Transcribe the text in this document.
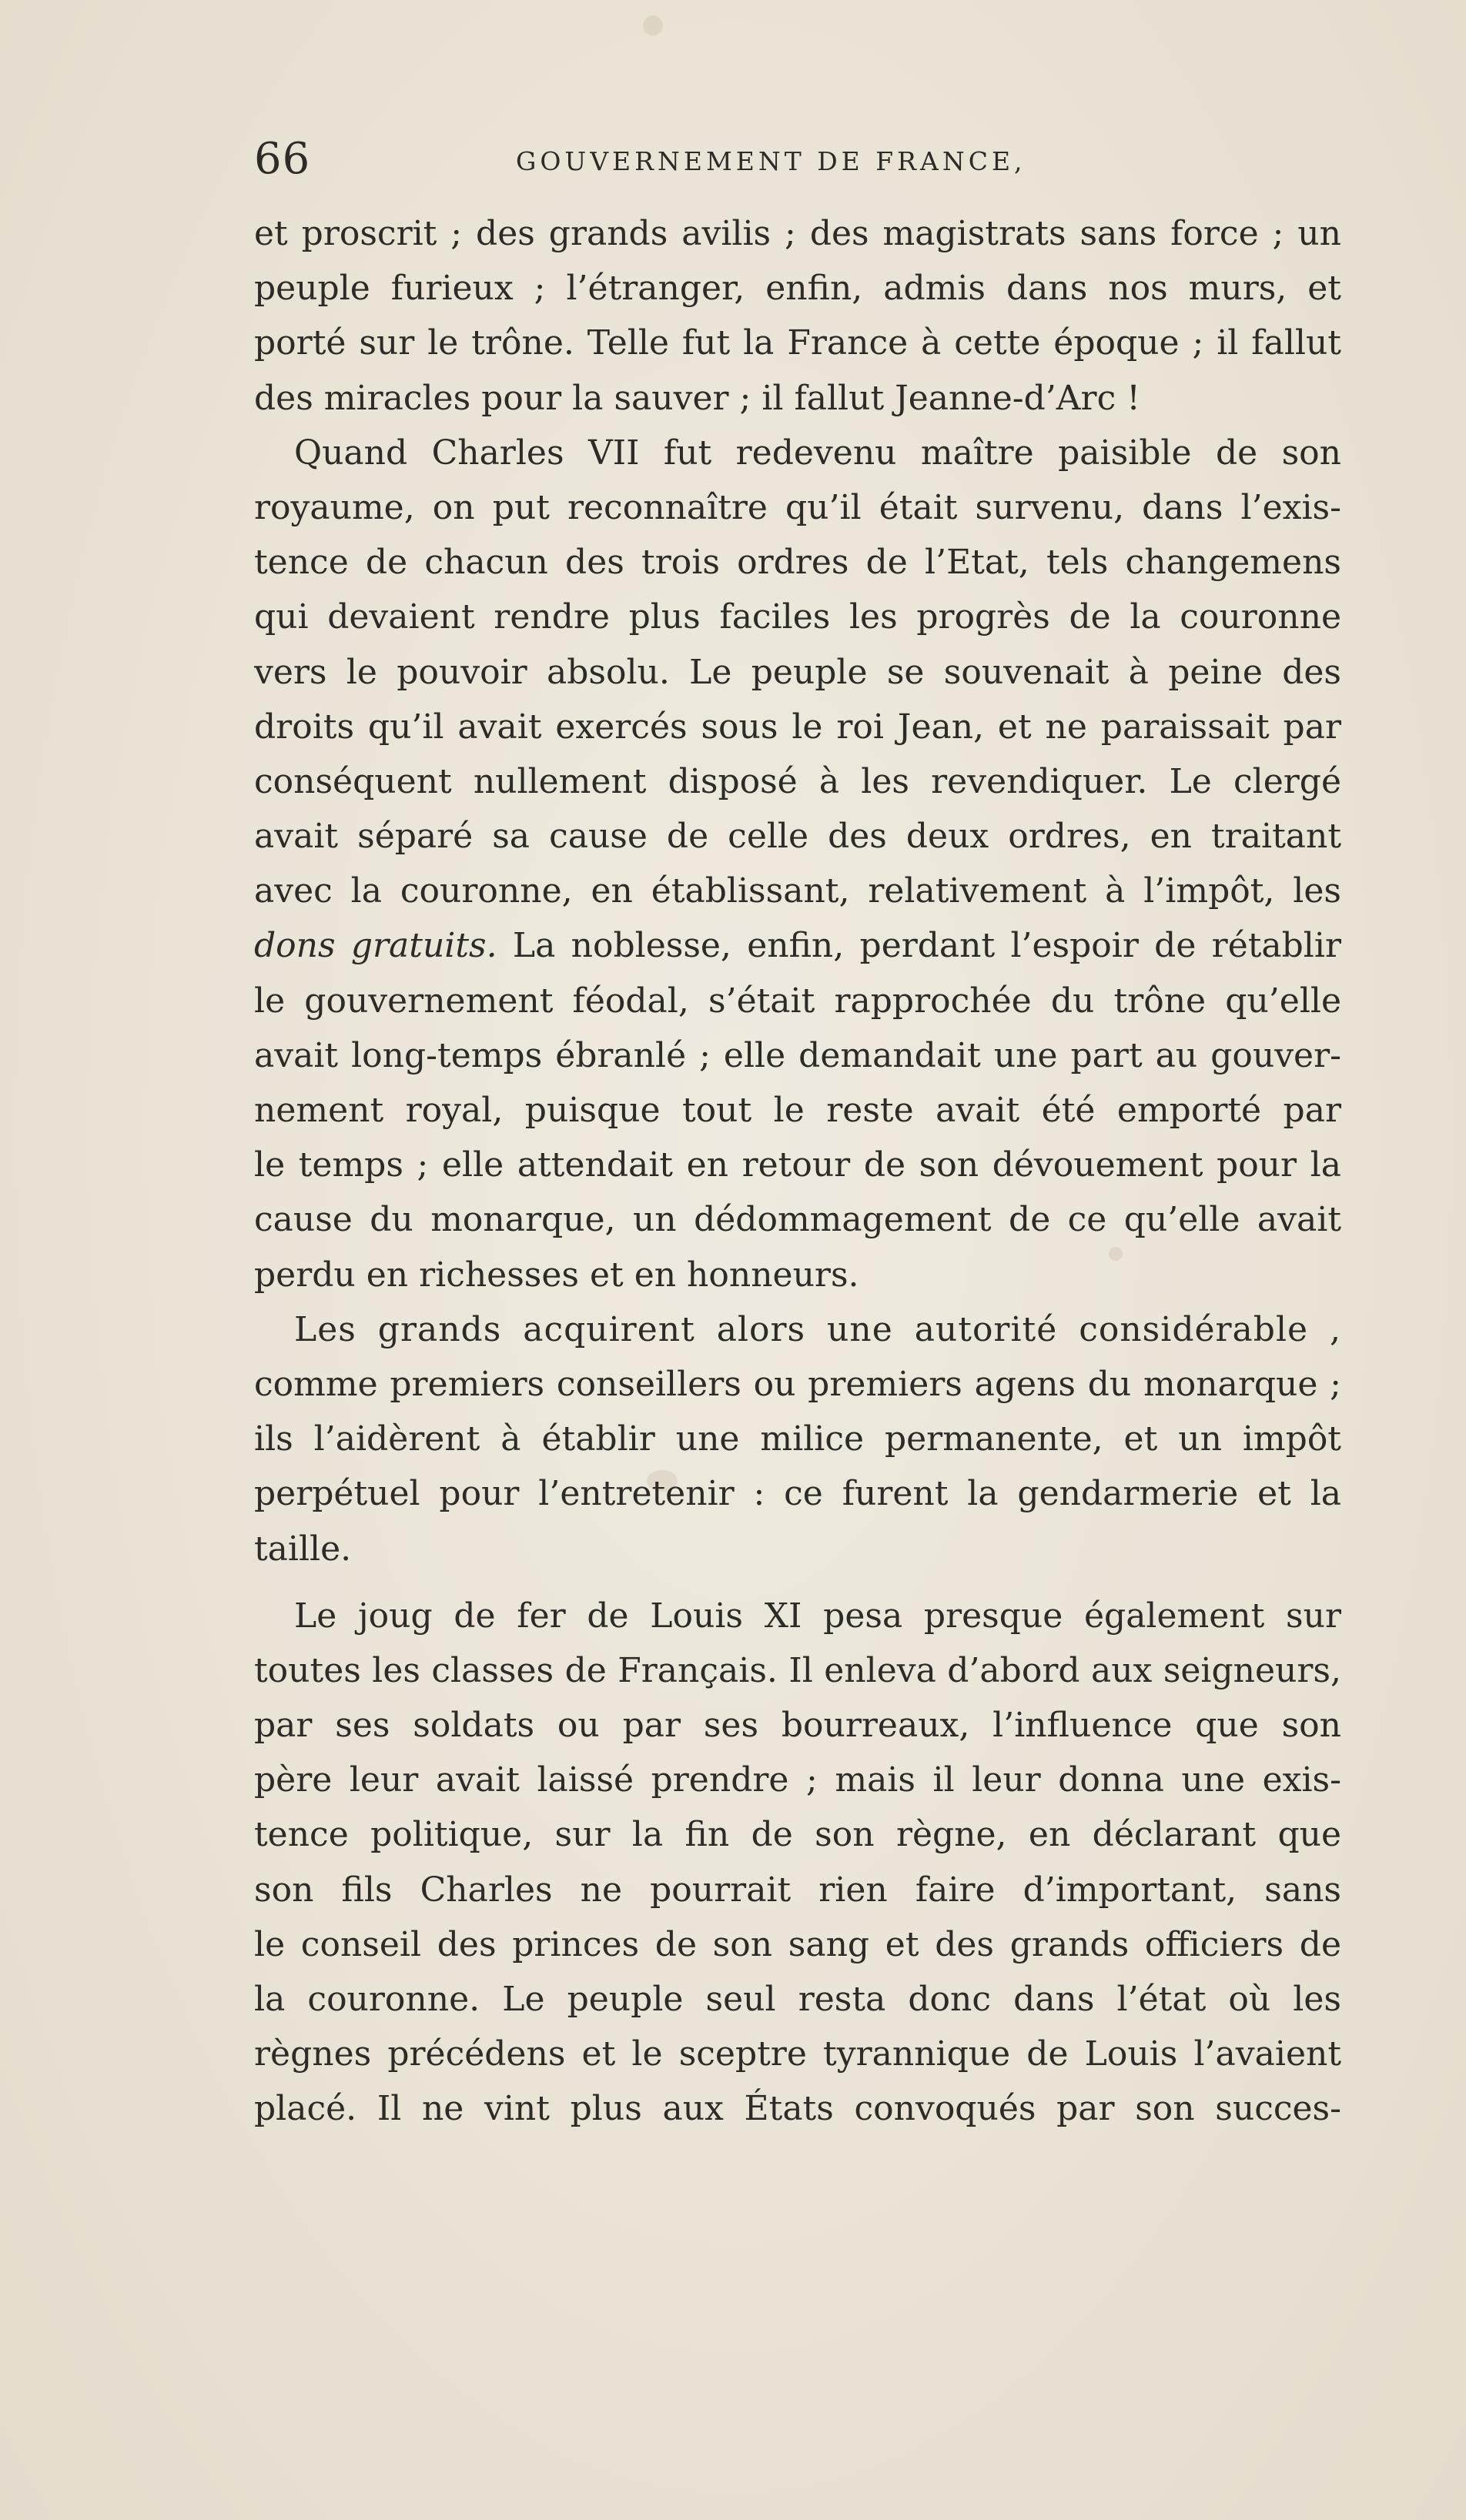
66	GOUVERNEMENT DE FRANCE,
et proscrit ; des grands avilis ; des magistrats sans force ; un
peuple furieux ; l’étranger, enfin, admis dans nos murs, et
porté sur le trône. Telle fut la France à cette époque ; il fallut
des miracles pour la sauver ; il fallut Jeanne-d’Arc !
Quand Charles VII fut redevenu maître paisible de son
royaume, on put reconnaître qu’il était survenu, dans l’exis-
tence de chacun des trois ordres de l’Etat, tels changemens
qui devaient rendre plus faciles les progrès de la couronne
vers le pouvoir absolu. Le peuple se souvenait à peine des
droits qu’il avait exercés sous le roi Jean, et ne paraissait par
conséquent nullement disposé à les revendiquer. Le clergé
avait séparé sa cause de celle des deux ordres, en traitant
avec la couronne, en établissant, relativement à l’impôt, les
dons gratuits. La noblesse, enfin, perdant l’espoir de rétablir
le gouvernement féodal, s’était rapprochée du trône qu’elle
avait long-temps ébranlé ; elle demandait une part au gouver-
nement royal, puisque tout le reste avait été emporté par
le temps ; elle attendait en retour de son dévouement pour la
cause du monarque, un dédommagement de ce qu’elle avait
perdu en richesses et en honneurs.
Les grands acquirent alors une autorité considérable ,
comme premiers conseillers ou premiers agens du monarque ;
ils l’aidèrent à établir une milice permanente, et un impôt
perpétuel pour l’entretenir : ce furent la gendarmerie et la
taille.
Le joug de fer de Louis XI pesa presque également sur
toutes les classes de Français. Il enleva d’abord aux seigneurs,
par ses soldats ou par ses bourreaux, l’influence que son
père leur avait laissé prendre ; mais il leur donna une exis-
tence politique, sur la fin de son règne, en déclarant que
son fils Charles ne pourrait rien faire d’important, sans
le conseil des princes de son sang et des grands officiers de
la couronne. Le peuple seul resta donc dans l’état où les
règnes précédens et le sceptre tyrannique de Louis l’avaient
placé. Il ne vint plus aux États convoqués par son succes-
